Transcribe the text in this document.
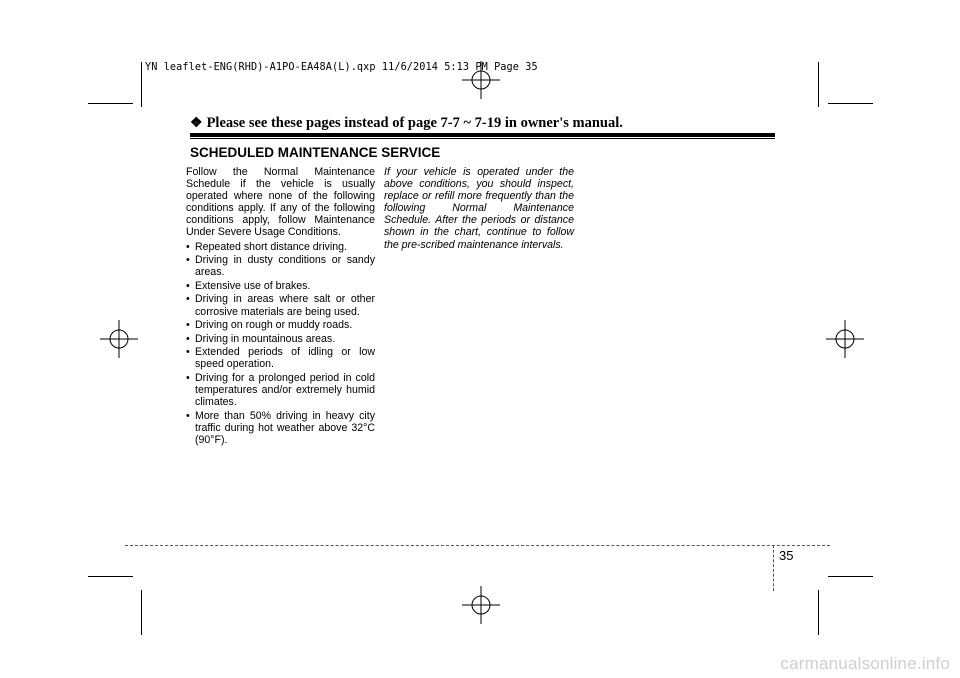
YN leaflet-ENG(RHD)-A1PO-EA48A(L).qxp 11/6/2014 5:13 PM Page 35
❖ Please see these pages instead of page 7-7 ~ 7-19 in owner's manual.
SCHEDULED MAINTENANCE SERVICE

Follow the Normal Maintenance Schedule if the vehicle is usually operated where none of the following conditions apply. If any of the following conditions apply, follow Maintenance Under Severe Usage Conditions.

• Repeated short distance driving.
• Driving in dusty conditions or sandy areas.
• Extensive use of brakes.
• Driving in areas where salt or other corrosive materials are being used.
• Driving on rough or muddy roads.
• Driving in mountainous areas.
• Extended periods of idling or low speed operation.
• Driving for a prolonged period in cold temperatures and/or extremely humid climates.
• More than 50% driving in heavy city traffic during hot weather above 32°C (90°F).

If your vehicle is operated under the above conditions, you should inspect, replace or refill more frequently than the following Normal Maintenance Schedule. After the periods or distance shown in the chart, continue to follow the pre-scribed maintenance intervals.

35
carmanualsonline.info
